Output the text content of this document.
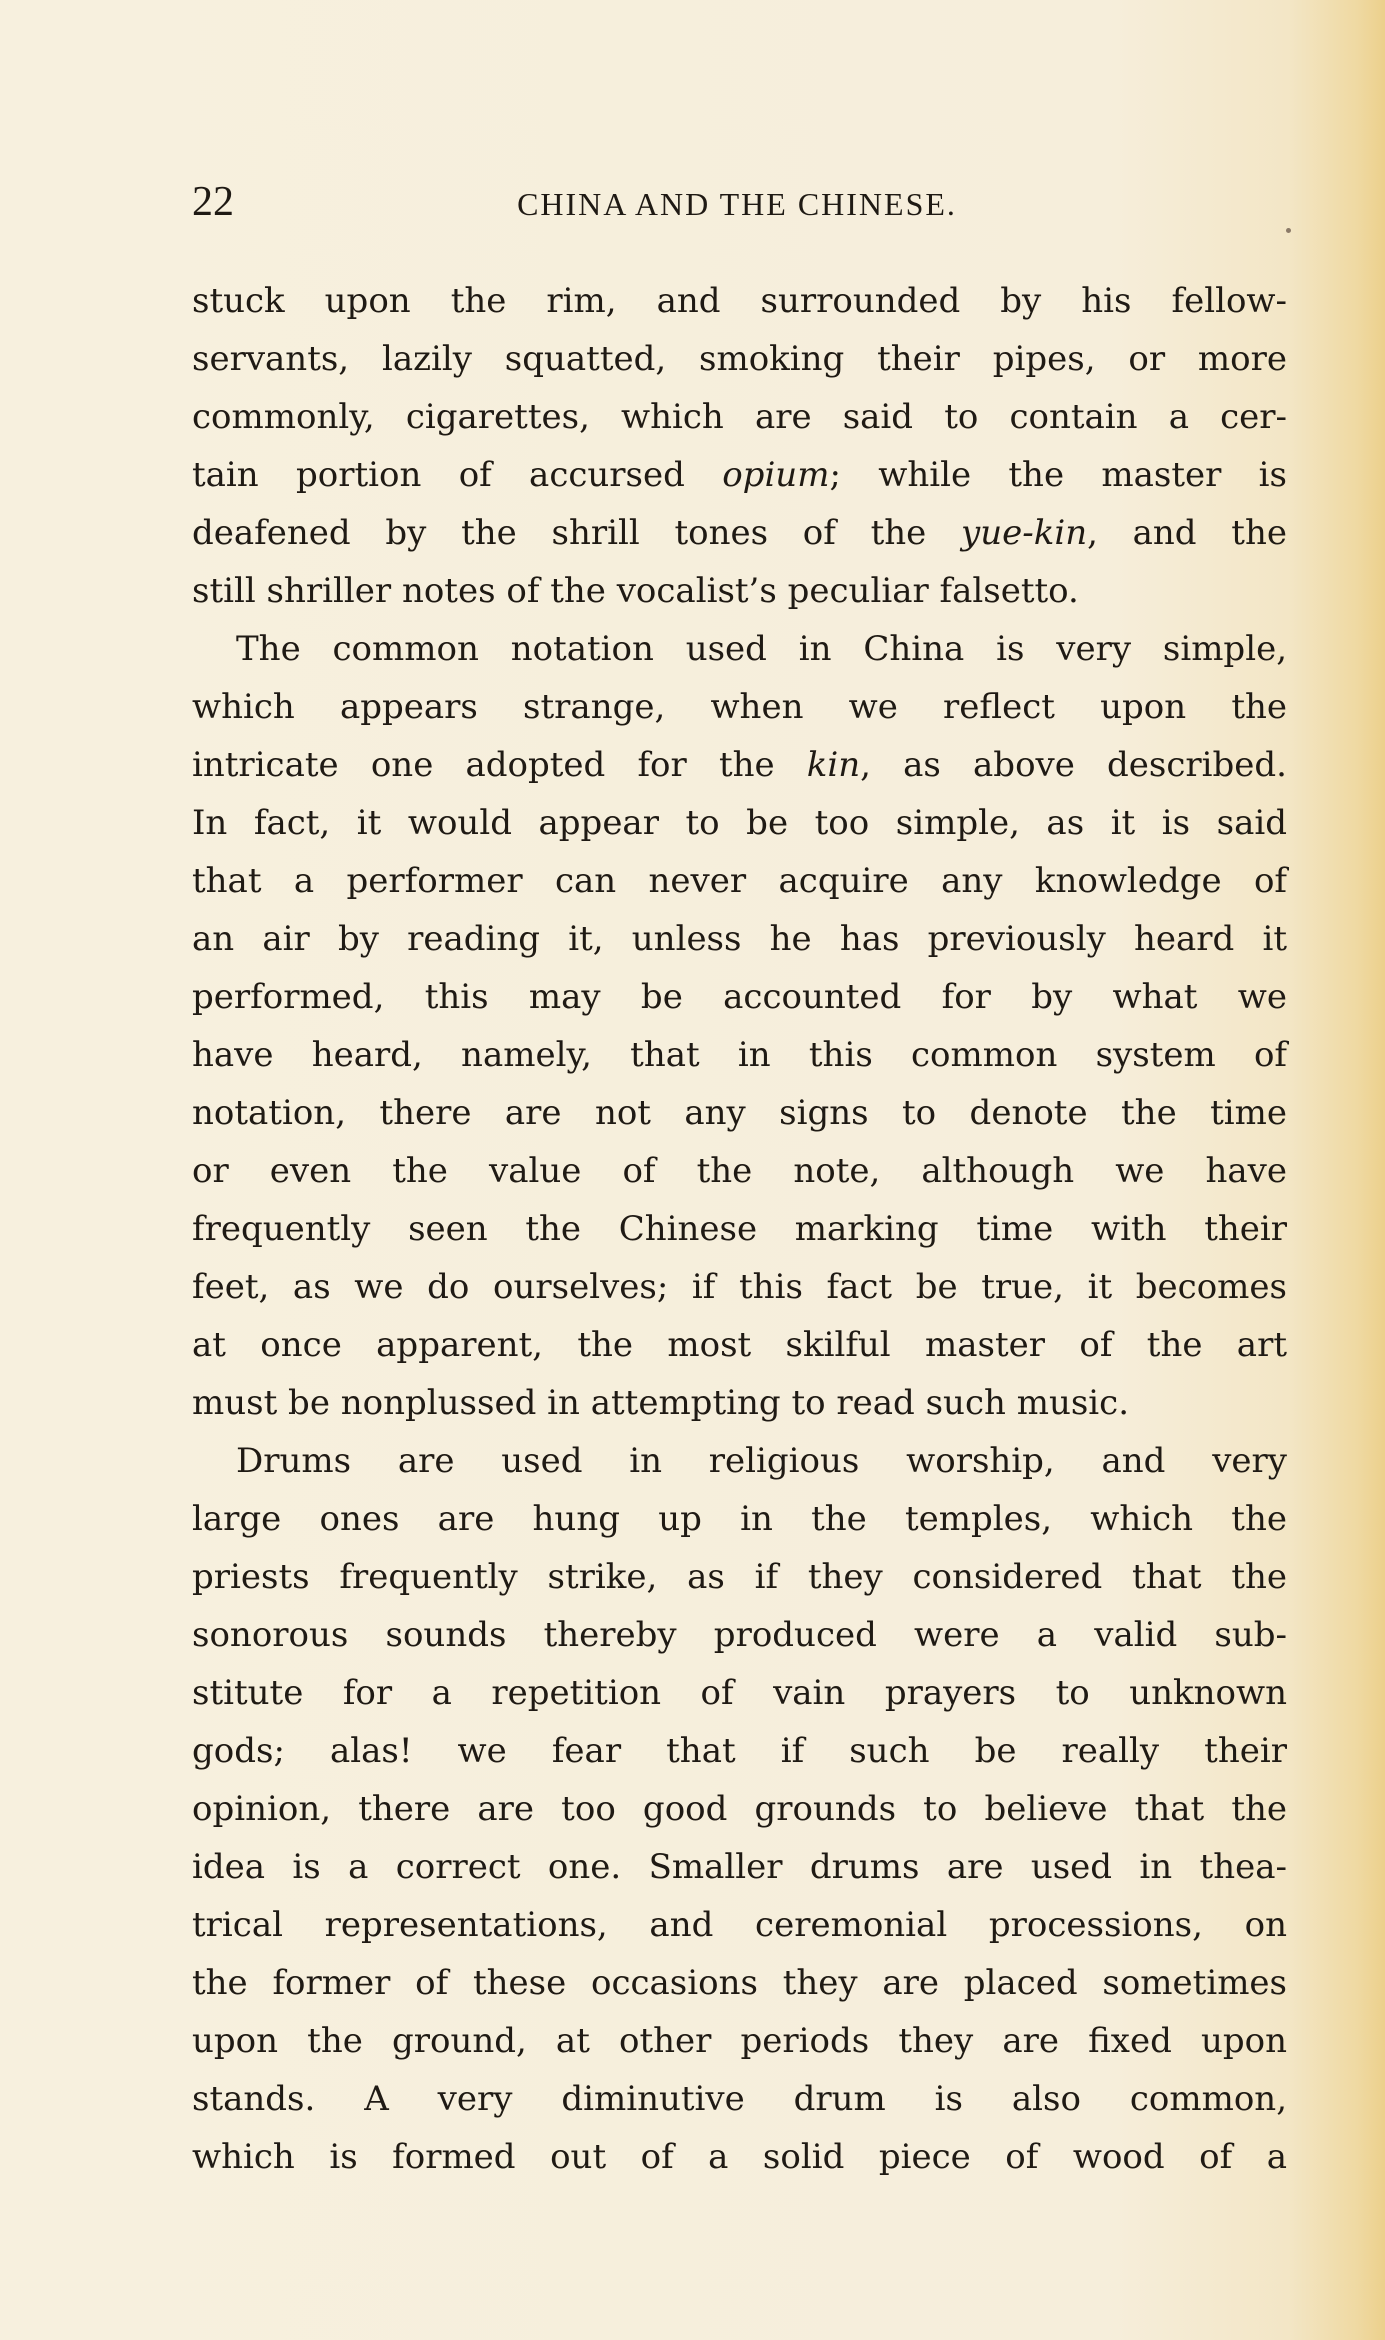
22	CHINA AND THE CHINESE.
stuck upon the rim, and surrounded by his fellow-
servants, lazily squatted, smoking their pipes, or more
commonly, cigarettes, which are said to contain a cer-
tain portion of accursed opium; while the master is
deafened by the shrill tones of the yue-kin, and the
still shriller notes of the vocalist’s peculiar falsetto.
The common notation used in China is very simple,
which appears strange, when we reflect upon the
intricate one adopted for the kin, as above described.
In fact, it would appear to be too simple, as it is said
that a performer can never acquire any knowledge of
an air by reading it, unless he has previously heard it
performed, this may be accounted for by what we
have heard, namely, that in this common system of
notation, there are not any signs to denote the time
or even the value of the note, although we have
frequently seen the Chinese marking time with their
feet, as we do ourselves; if this fact be true, it becomes
at once apparent, the most skilful master of the art
must be nonplussed in attempting to read such music.
Drums are used in religious worship, and very
large ones are hung up in the temples, which the
priests frequently strike, as if they considered that the
sonorous sounds thereby produced were a valid sub-
stitute for a repetition of vain prayers to unknown
gods; alas! we fear that if such be really their
opinion, there are too good grounds to believe that the
idea is a correct one. Smaller drums are used in thea-
trical representations, and ceremonial processions, on
the former of these occasions they are placed sometimes
upon the ground, at other periods they are fixed upon
stands. A very diminutive drum is also common,
which is formed out of a solid piece of wood of a
